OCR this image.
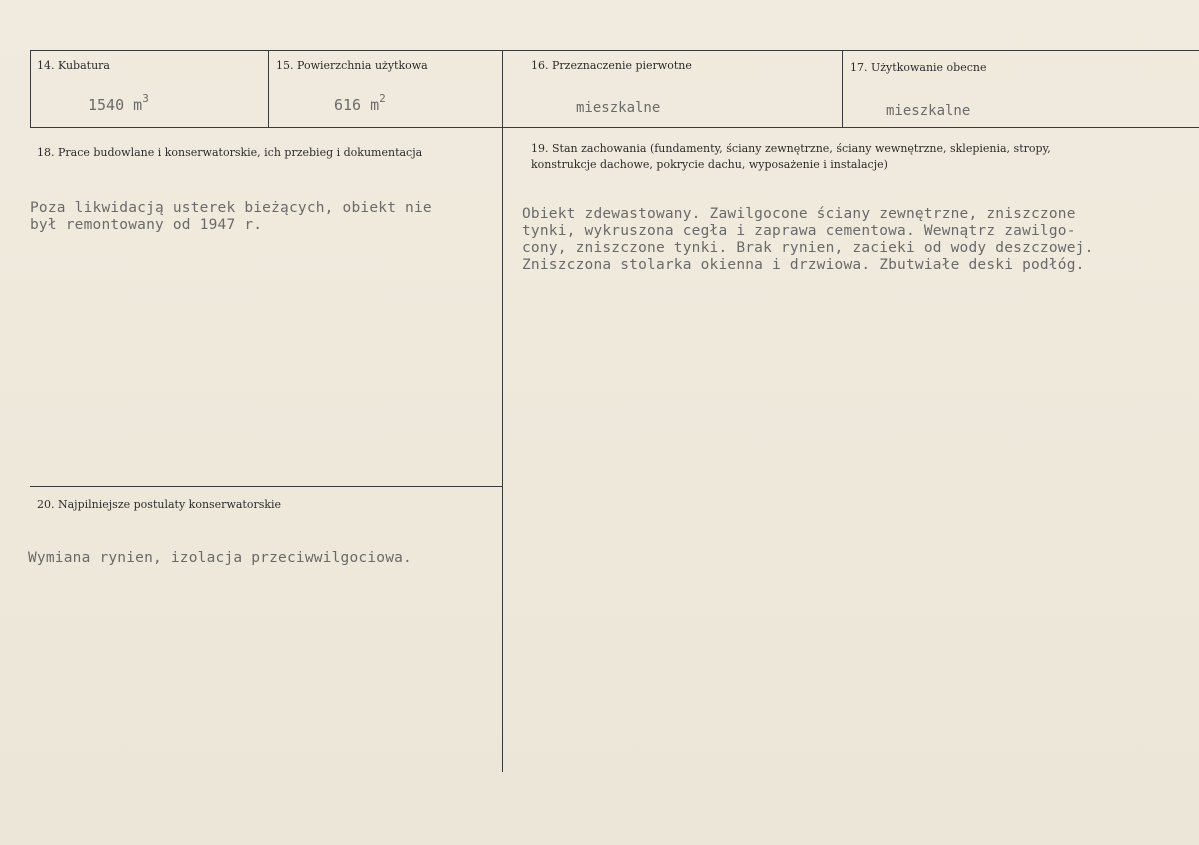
14. Kubatura
1540 $m^3$
15. Powierzchnia użytkowa
616 $m^2$
16. Przeznaczenie pierwotne
mieszkalne
17. Użytkowanie obecne
mieszkalne
18. Prace budowlane i konserwatorskie, ich przebieg i dokumentacja
Poza likwidacją usterek bieżących, obiekt nie
był remontowany od 1947 r.
19. Stan zachowania (fundamenty, ściany zewnętrzne, ściany wewnętrzne, sklepienia, stropy,
konstrukcje dachowe, pokrycie dachu, wyposażenie i instalacje)
Obiekt zdewastowany. Zawilgocone ściany zewnętrzne, zniszczone
tynki, wykruszona cegła i zaprawa cementowa. Wewnątrz zawilgo-
cony, zniszczone tynki. Brak rynien, zacieki od wody deszczowej.
Zniszczona stolarka okienna i drzwiowa. Zbutwiałe deski podłóg.
20. Najpilniejsze postulaty konserwatorskie
Wymiana rynien, izolacja przeciwwilgociowa.
